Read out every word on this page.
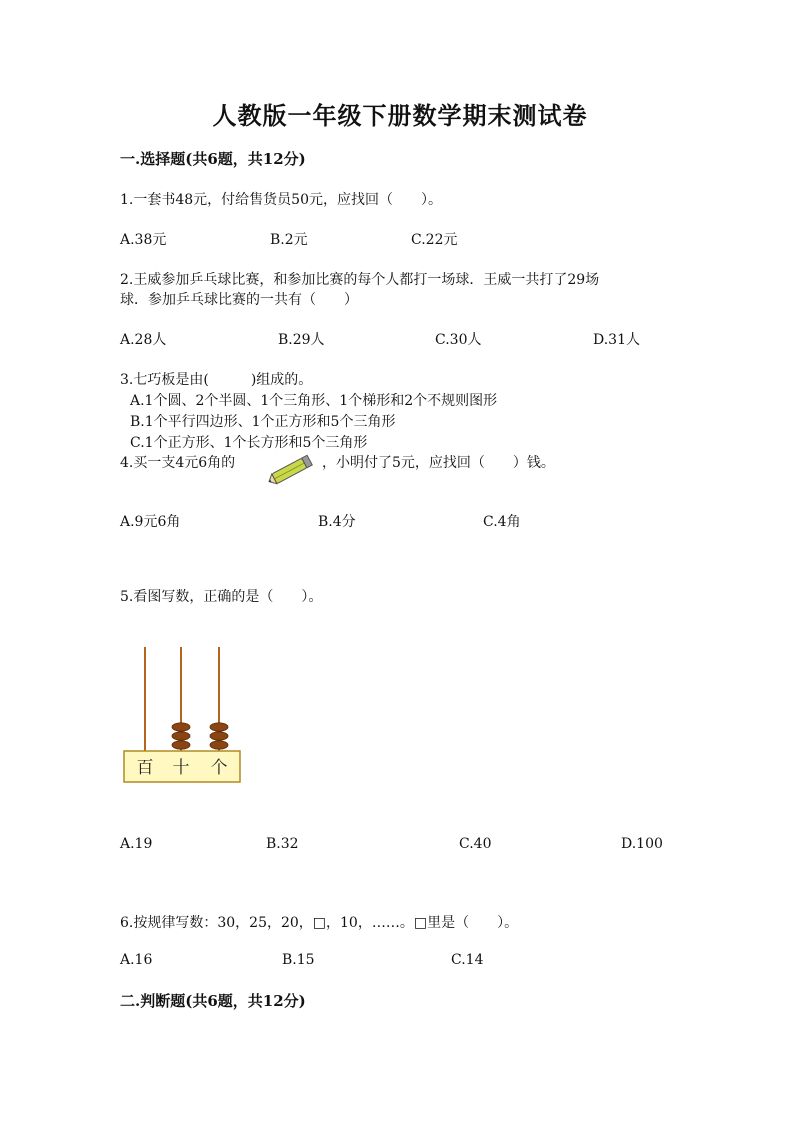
人教版一年级下册数学期末测试卷
一.选择题(共6题，共12分)
1.一套书48元，付给售货员50元，应找回（　　）。
A.38元	B.2元	C.22元
2.王威参加乒乓球比赛，和参加比赛的每个人都打一场球．王威一共打了29场
球．参加乒乓球比赛的一共有（　　）
A.28人	B.29人	C.30人	D.31人
3.七巧板是由(　　　)组成的。
A.1个圆、2个半圆、1个三角形、1个梯形和2个不规则图形
B.1个平行四边形、1个正方形和5个三角形
C.1个正方形、1个长方形和5个三角形
4.买一支4元6角的	，小明付了5元，应找回（　　）钱。
A.9元6角	B.4分	C.4角
5.看图写数，正确的是（　　）。
百 十 个
A.19	B.32	C.40	D.100
6.按规律写数：30，25，20，□，10，……。□里是（　　）。
A.16	B.15	C.14
二.判断题(共6题，共12分)
